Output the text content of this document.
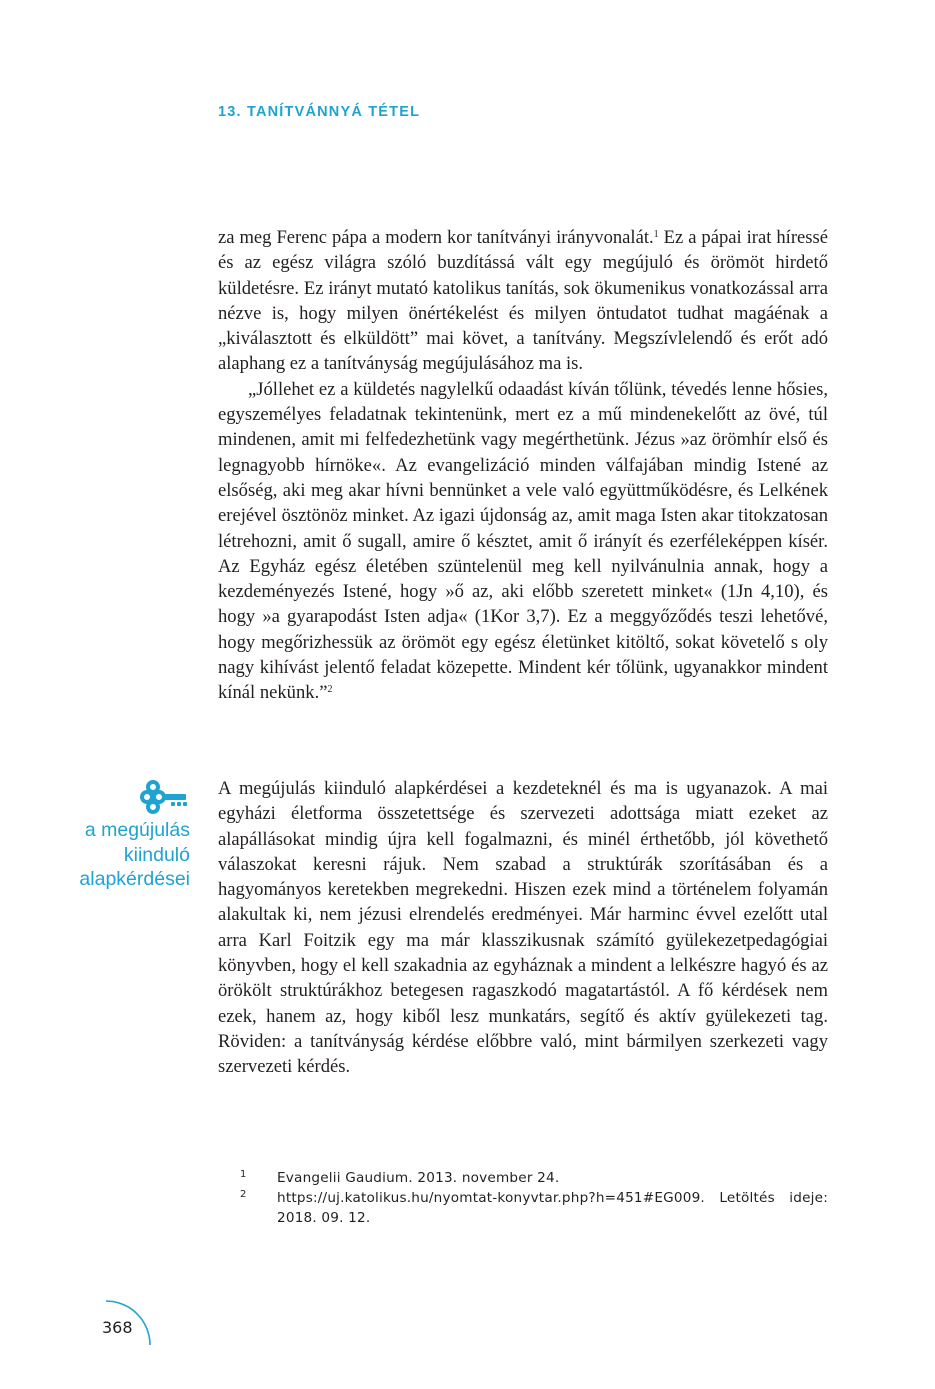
13. TANÍTVÁNNYÁ TÉTEL

za meg Ferenc pápa a modern kor tanítványi irányvonalát.$^1$ Ez a pápai irat híressé és az egész világra szóló buzdítássá vált egy megújuló és örömöt hirdető küldetésre. Ez irányt mutató katolikus tanítás, sok ökumenikus vonatkozással arra nézve is, hogy milyen önértékelést és milyen öntudatot tudhat magáénak a „kiválasztott és elküldött” mai követ, a tanítvány. Megszívlelendő és erőt adó alaphang ez a tanítványság megújulásához ma is.

„Jóllehet ez a küldetés nagylelkű odaadást kíván tőlünk, tévedés lenne hősies, egyszemélyes feladatnak tekintenünk, mert ez a mű mindenekelőtt az övé, túl mindenen, amit mi felfedezhetünk vagy megérthetünk. Jézus »az örömhír első és legnagyobb hírnöke«. Az evangelizáció minden válfajában mindig Istené az elsőség, aki meg akar hívni bennünket a vele való együttműködésre, és Lelkének erejével ösztönöz minket. Az igazi újdonság az, amit maga Isten akar titokzatosan létrehozni, amit ő sugall, amire ő késztet, amit ő irányít és ezerféleképpen kísér. Az Egyház egész életében szüntelenül meg kell nyilvánulnia annak, hogy a kezdeményezés Istené, hogy »ő az, aki előbb szeretett minket« (1Jn 4,10), és hogy »a gyarapodást Isten adja« (1Kor 3,7). Ez a meggyőződés teszi lehetővé, hogy megőrizhessük az örömöt egy egész életünket kitöltő, sokat követelő s oly nagy kihívást jelentő feladat közepette. Mindent kér tőlünk, ugyanakkor mindent kínál nekünk.”$^2$

a megújulás
kiinduló
alapkérdései

A megújulás kiinduló alapkérdései a kezdeteknél és ma is ugyanazok. A mai egyházi életforma összetettsége és szervezeti adottsága miatt ezeket az alapállásokat mindig újra kell fogalmazni, és minél érthetőbb, jól követhető válaszokat keresni rájuk. Nem szabad a struktúrák szorításában és a hagyományos keretekben megrekedni. Hiszen ezek mind a történelem folyamán alakultak ki, nem jézusi elrendelés eredményei. Már harminc évvel ezelőtt utal arra Karl Foitzik egy ma már klasszikusnak számító gyülekezetpedagógiai könyvben, hogy el kell szakadnia az egyháznak a mindent a lelkészre hagyó és az örökölt struktúrákhoz betegesen ragaszkodó magatartástól. A fő kérdések nem ezek, hanem az, hogy kiből lesz munkatárs, segítő és aktív gyülekezeti tag. Röviden: a tanítványság kérdése előbbre való, mint bármilyen szerkezeti vagy szervezeti kérdés.

1	Evangelii Gaudium. 2013. november 24.
2	https://uj.katolikus.hu/nyomtat-konyvtar.php?h=451#EG009. Letöltés ideje: 2018. 09. 12.
368
